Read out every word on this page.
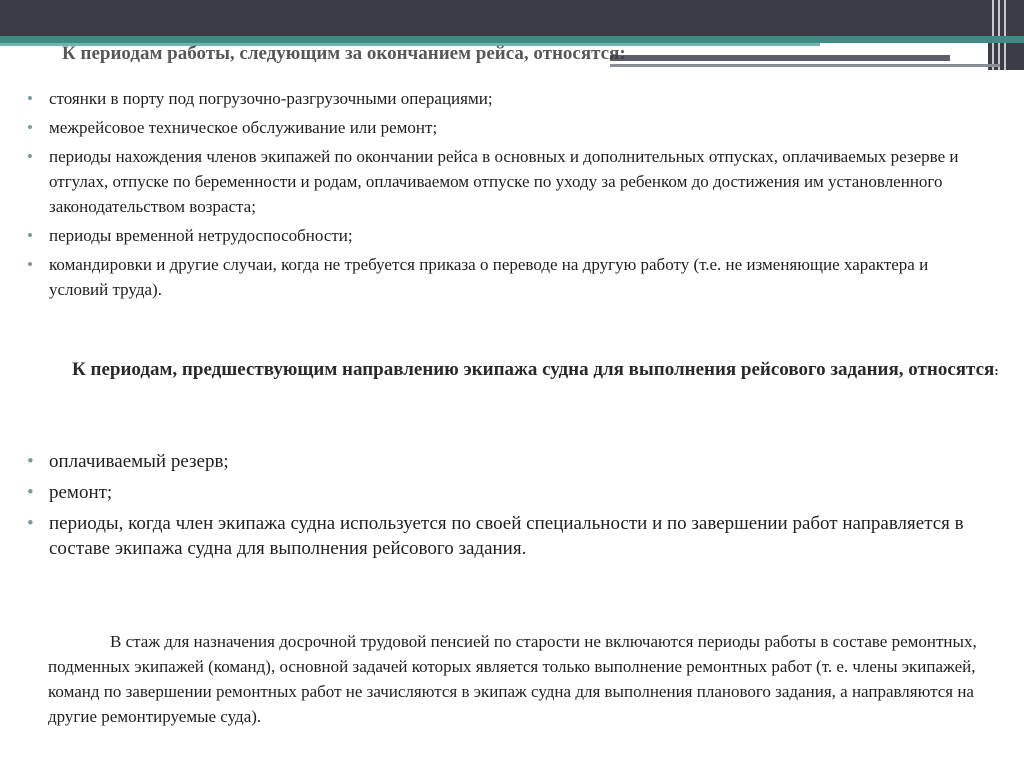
К периодам работы, следующим за окончанием рейса, относятся:
• стоянки в порту под погрузочно-разгрузочными операциями;
• межрейсовое техническое обслуживание или ремонт;
• периоды нахождения членов экипажей по окончании рейса в основных и дополнительных отпусках, оплачиваемых резерве и отгулах, отпуске по беременности и родам, оплачиваемом отпуске по уходу за ребенком до достижения им установленного законодательством возраста;
• периоды временной нетрудоспособности;
• командировки и другие случаи, когда не требуется приказа о переводе на другую работу (т.е. не изменяющие характера и условий труда).

К периодам, предшествующим направлению экипажа судна для выполнения рейсового задания, относятся:

• оплачиваемый резерв;
• ремонт;
• периоды, когда член экипажа судна используется по своей специальности и по завершении работ направляется в составе экипажа судна для выполнения рейсового задания.

В стаж для назначения досрочной трудовой пенсией по старости не включаются периоды работы в составе ремонтных, подменных экипажей (команд), основной задачей которых является только выполнение ремонтных работ (т. е. члены экипажей, команд по завершении ремонтных работ не зачисляются в экипаж судна для выполнения планового задания, а направляются на другие ремонтируемые суда).
